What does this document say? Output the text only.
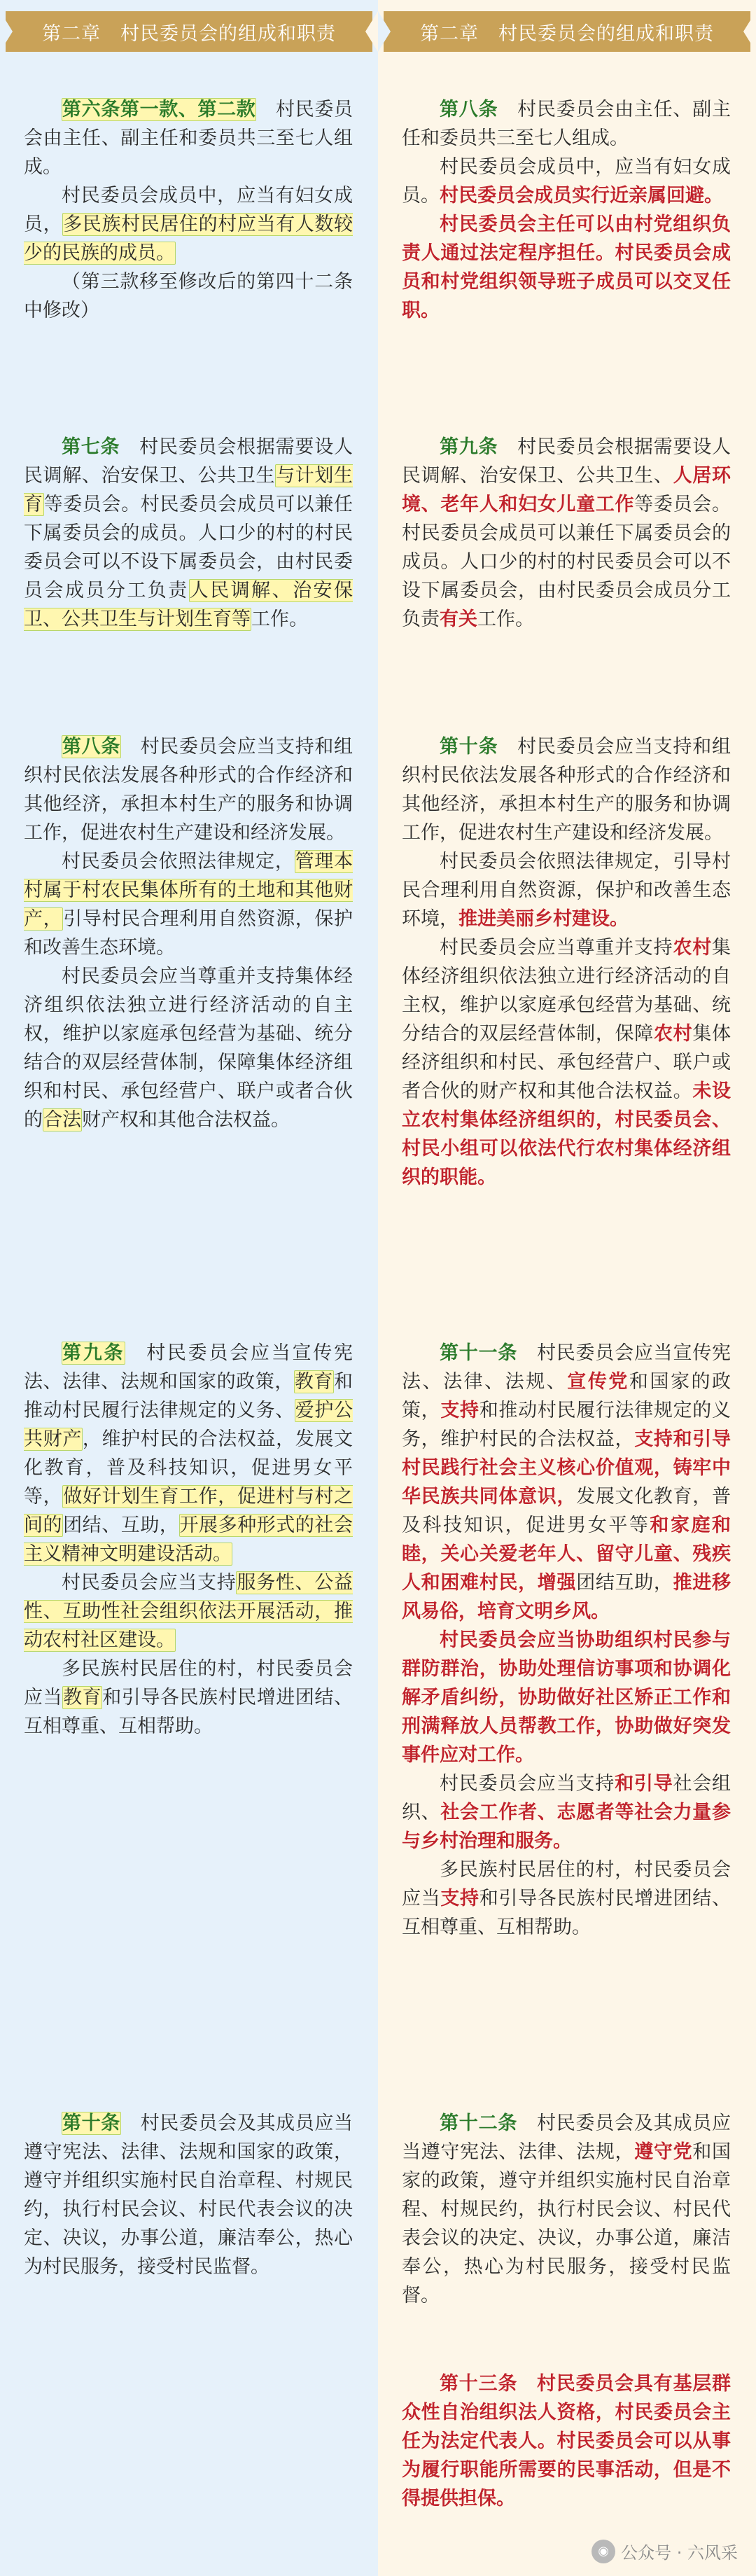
第二章　村民委员会的组成和职责	第二章　村民委员会的组成和职责

第六条第一款、第二款　村民委员会由主任、副主任和委员共三至七人组成。

村民委员会成员中，应当有妇女成员，多民族村民居住的村应当有人数较少的民族的成员。

（第三款移至修改后的第四十二条中修改）

第七条　村民委员会根据需要设人民调解、治安保卫、公共卫生与计划生育等委员会。村民委员会成员可以兼任下属委员会的成员。人口少的村的村民委员会可以不设下属委员会，由村民委员会成员分工负责人民调解、治安保卫、公共卫生与计划生育等工作。

第八条　村民委员会应当支持和组织村民依法发展各种形式的合作经济和其他经济，承担本村生产的服务和协调工作，促进农村生产建设和经济发展。

村民委员会依照法律规定，管理本村属于村农民集体所有的土地和其他财产，引导村民合理利用自然资源，保护和改善生态环境。

村民委员会应当尊重并支持集体经济组织依法独立进行经济活动的自主权，维护以家庭承包经营为基础、统分结合的双层经营体制，保障集体经济组织和村民、承包经营户、联户或者合伙的合法财产权和其他合法权益。

第九条　村民委员会应当宣传宪法、法律、法规和国家的政策，教育和推动村民履行法律规定的义务、爱护公共财产，维护村民的合法权益，发展文化教育，普及科技知识，促进男女平等，做好计划生育工作，促进村与村之间的团结、互助，开展多种形式的社会主义精神文明建设活动。

村民委员会应当支持服务性、公益性、互助性社会组织依法开展活动，推动农村社区建设。

多民族村民居住的村，村民委员会应当教育和引导各民族村民增进团结、互相尊重、互相帮助。

第十条　村民委员会及其成员应当遵守宪法、法律、法规和国家的政策，遵守并组织实施村民自治章程、村规民约，执行村民会议、村民代表会议的决定、决议，办事公道，廉洁奉公，热心为村民服务，接受村民监督。

第八条　村民委员会由主任、副主任和委员共三至七人组成。

村民委员会成员中，应当有妇女成员。村民委员会成员实行近亲属回避。

村民委员会主任可以由村党组织负责人通过法定程序担任。村民委员会成员和村党组织领导班子成员可以交叉任职。

第九条　村民委员会根据需要设人民调解、治安保卫、公共卫生、人居环境、老年人和妇女儿童工作等委员会。村民委员会成员可以兼任下属委员会的成员。人口少的村的村民委员会可以不设下属委员会，由村民委员会成员分工负责有关工作。

第十条　村民委员会应当支持和组织村民依法发展各种形式的合作经济和其他经济，承担本村生产的服务和协调工作，促进农村生产建设和经济发展。

村民委员会依照法律规定，引导村民合理利用自然资源，保护和改善生态环境，推进美丽乡村建设。

村民委员会应当尊重并支持农村集体经济组织依法独立进行经济活动的自主权，维护以家庭承包经营为基础、统分结合的双层经营体制，保障农村集体经济组织和村民、承包经营户、联户或者合伙的财产权和其他合法权益。未设立农村集体经济组织的，村民委员会、村民小组可以依法代行农村集体经济组织的职能。

第十一条　村民委员会应当宣传宪法、法律、法规、宣传党和国家的政策，支持和推动村民履行法律规定的义务，维护村民的合法权益，支持和引导村民践行社会主义核心价值观，铸牢中华民族共同体意识，发展文化教育，普及科技知识，促进男女平等和家庭和睦，关心关爱老年人、留守儿童、残疾人和困难村民，增强团结互助，推进移风易俗，培育文明乡风。

村民委员会应当协助组织村民参与群防群治，协助处理信访事项和协调化解矛盾纠纷，协助做好社区矫正工作和刑满释放人员帮教工作，协助做好突发事件应对工作。

村民委员会应当支持和引导社会组织、社会工作者、志愿者等社会力量参与乡村治理和服务。

多民族村民居住的村，村民委员会应当支持和引导各民族村民增进团结、互相尊重、互相帮助。

第十二条　村民委员会及其成员应当遵守宪法、法律、法规，遵守党和国家的政策，遵守并组织实施村民自治章程、村规民约，执行村民会议、村民代表会议的决定、决议，办事公道，廉洁奉公，热心为村民服务，接受村民监督。

第十三条　村民委员会具有基层群众性自治组织法人资格，村民委员会主任为法定代表人。村民委员会可以从事为履行职能所需要的民事活动，但是不得提供担保。

◉ 公众号 · 六风采
